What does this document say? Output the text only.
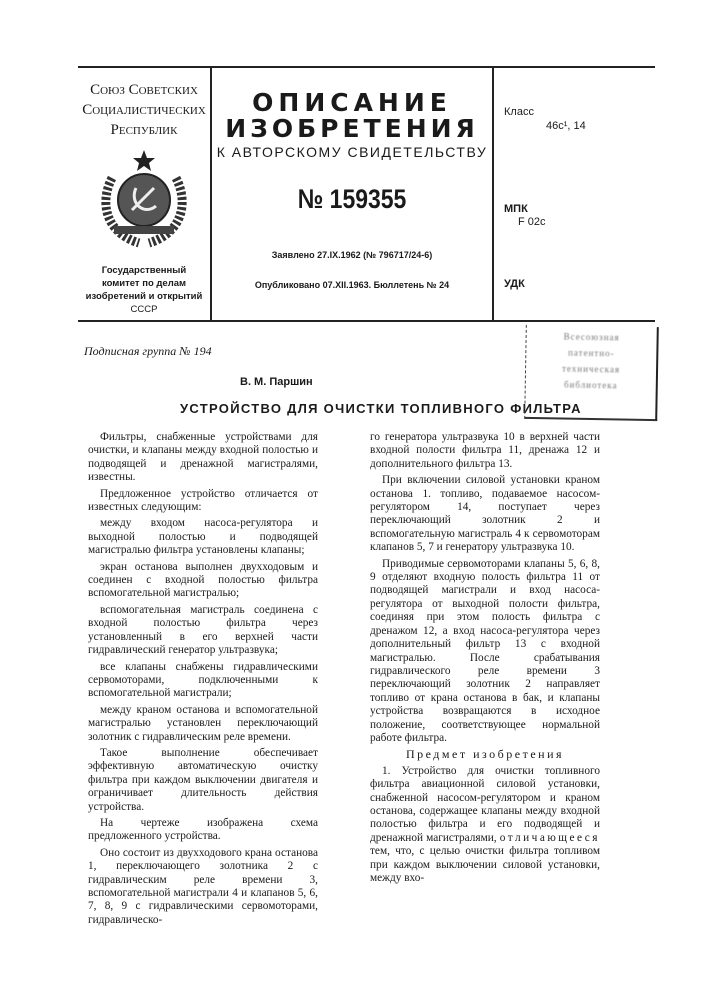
Союз Советских
Социалистических
Республик
Государственный
комитет по делам
изобретений и открытий
СССР
ОПИСАНИЕ
ИЗОБРЕТЕНИЯ
К АВТОРСКОМУ СВИДЕТЕЛЬСТВУ
№ 159355
Заявлено 27.IX.1962 (№ 796717/24-6)
Опубликовано 07.XII.1963. Бюллетень № 24
Класс
46c¹, 14
МПК
F 02c
УДК
Подписная группа № 194
В. М. Паршин
УСТРОЙСТВО ДЛЯ ОЧИСТКИ ТОПЛИВНОГО ФИЛЬТРА
Всесоюзная
патентно-
техническая
библиотека

Фильтры, снабженные устройствами для очистки, и клапаны между входной полостью и подводящей и дренажной магистралями, известны.

Предложенное устройство отличается от известных следующим:

между входом насоса-регулятора и выходной полостью и подводящей магистралью фильтра установлены клапаны;

экран останова выполнен двухходовым и соединен с входной полостью фильтра вспомогательной магистралью;

вспомогательная магистраль соединена с входной полостью фильтра через установленный в его верхней части гидравлический генератор ультразвука;

все клапаны снабжены гидравлическими сервомоторами, подключенными к вспомогательной магистрали;

между краном останова и вспомогательной магистралью установлен переключающий золотник с гидравлическим реле времени.

Такое выполнение обеспечивает эффективную автоматическую очистку фильтра при каждом выключении двигателя и ограничивает длительность действия устройства.

На чертеже изображена схема предложенного устройства.

Оно состоит из двухходового крана останова 1, переключающего золотника 2 с гидравлическим реле времени 3, вспомогательной магистрали 4 и клапанов 5, 6, 7, 8, 9 с гидравлическими сервомоторами, гидравлическо-

го генератора ультразвука 10 в верхней части входной полости фильтра 11, дренажа 12 и дополнительного фильтра 13.

При включении силовой установки краном останова 1. топливо, подаваемое насосом-регулятором 14, поступает через переключающий золотник 2 и вспомогательную магистраль 4 к сервомоторам клапанов 5, 7 и генератору ультразвука 10.

Приводимые сервомоторами клапаны 5, 6, 8, 9 отделяют входную полость фильтра 11 от подводящей магистрали и вход насоса-регулятора от выходной полости фильтра, соединяя при этом полость фильтра с дренажом 12, а вход насоса-регулятора через дополнительный фильтр 13 с входной магистралью. После срабатывания гидравлического реле времени 3 переключающий золотник 2 направляет топливо от крана останова в бак, и клапаны устройства возвращаются в исходное положение, соответствующее нормальной работе фильтра.

Предмет изобретения

1. Устройство для очистки топливного фильтра авиационной силовой установки, снабженной насосом-регулятором и краном останова, содержащее клапаны между входной полостью фильтра и его подводящей и дренажной магистралями, отличающееся тем, что, с целью очистки фильтра топливом при каждом выключении силовой установки, между вхо-
